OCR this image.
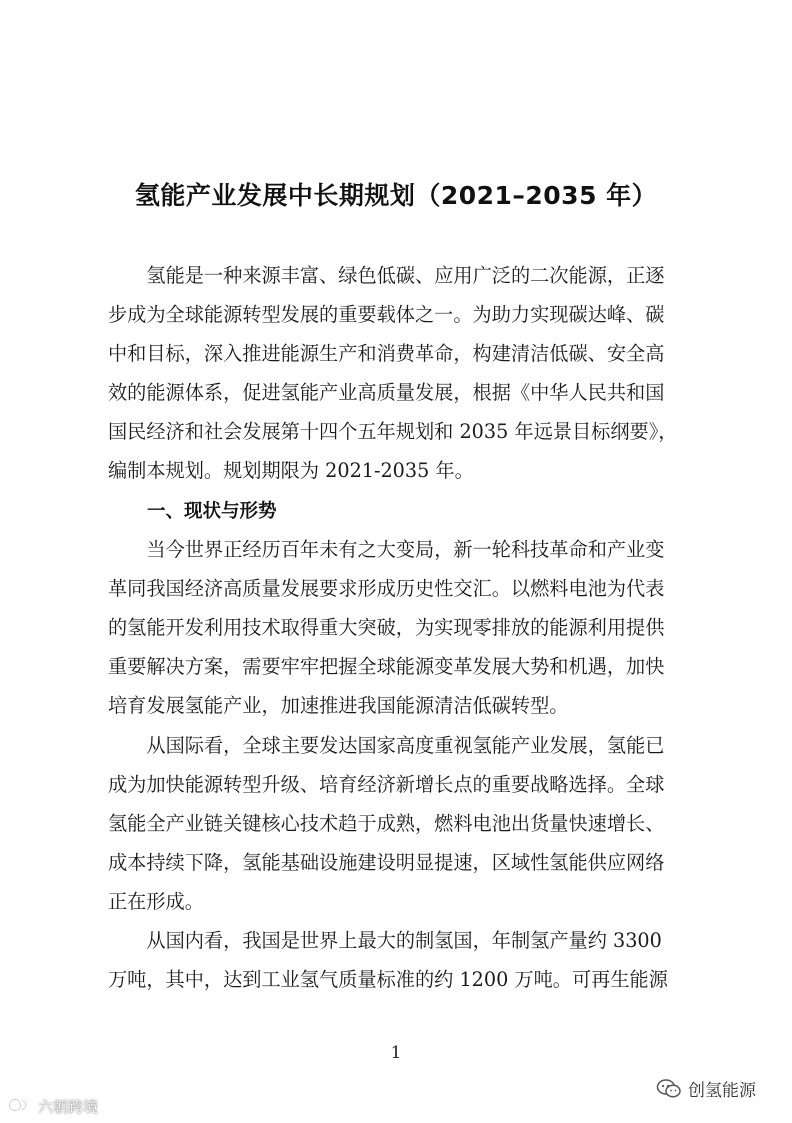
氢能产业发展中长期规划（2021–2035 年）

氢能是一种来源丰富、绿色低碳、应用广泛的二次能源，正逐
步成为全球能源转型发展的重要载体之一。为助力实现碳达峰、碳
中和目标，深入推进能源生产和消费革命，构建清洁低碳、安全高
效的能源体系，促进氢能产业高质量发展，根据《中华人民共和国
国民经济和社会发展第十四个五年规划和 2035 年远景目标纲要》，
编制本规划。规划期限为 2021-2035 年。

一、现状与形势

当今世界正经历百年未有之大变局，新一轮科技革命和产业变
革同我国经济高质量发展要求形成历史性交汇。以燃料电池为代表
的氢能开发利用技术取得重大突破，为实现零排放的能源利用提供
重要解决方案，需要牢牢把握全球能源变革发展大势和机遇，加快
培育发展氢能产业，加速推进我国能源清洁低碳转型。

从国际看，全球主要发达国家高度重视氢能产业发展，氢能已
成为加快能源转型升级、培育经济新增长点的重要战略选择。全球
氢能全产业链关键核心技术趋于成熟，燃料电池出货量快速增长、
成本持续下降，氢能基础设施建设明显提速，区域性氢能供应网络
正在形成。

从国内看，我国是世界上最大的制氢国，年制氢产量约 3300
万吨，其中，达到工业氢气质量标准的约 1200 万吨。可再生能源

1
六朝跨境
创氢能源
